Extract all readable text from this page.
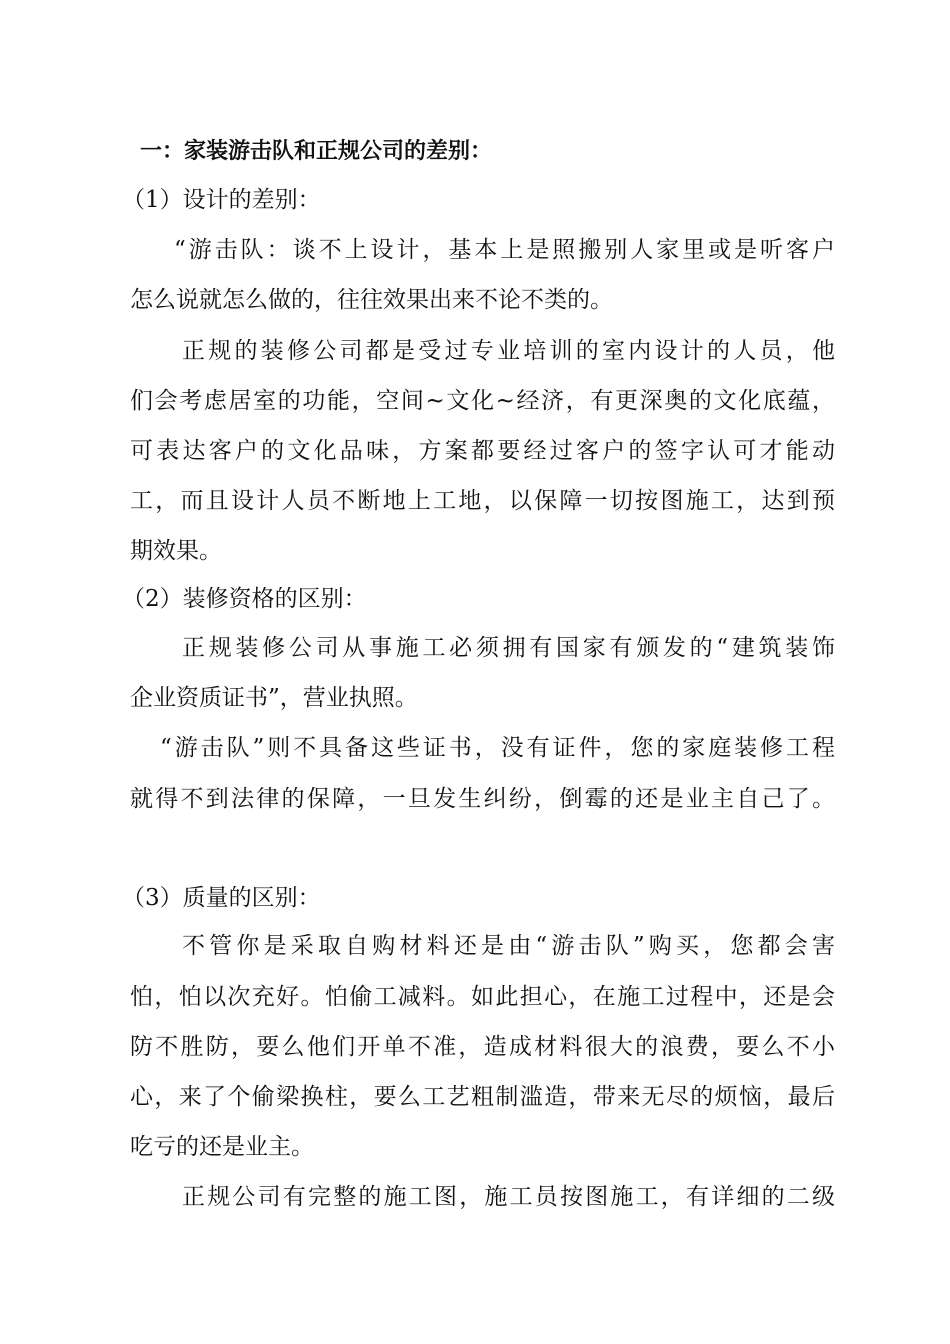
一：家装游击队和正规公司的差别：
（1）设计的差别：
“游击队：谈不上设计，基本上是照搬别人家里或是听客户
怎么说就怎么做的，往往效果出来不论不类的。
正规的装修公司都是受过专业培训的室内设计的人员，他
们会考虑居室的功能，空间~文化~经济，有更深奥的文化底蕴，
可表达客户的文化品味，方案都要经过客户的签字认可才能动
工，而且设计人员不断地上工地，以保障一切按图施工，达到预
期效果。
（2）装修资格的区别：
正规装修公司从事施工必须拥有国家有颁发的“建筑装饰
企业资质证书”，营业执照。
“游击队”则不具备这些证书，没有证件，您的家庭装修工程
就得不到法律的保障，一旦发生纠纷，倒霉的还是业主自己了。
（3）质量的区别：
不管你是采取自购材料还是由“游击队”购买，您都会害
怕，怕以次充好。怕偷工减料。如此担心，在施工过程中，还是会
防不胜防，要么他们开单不准，造成材料很大的浪费，要么不小
心，来了个偷梁换柱，要么工艺粗制滥造，带来无尽的烦恼，最后
吃亏的还是业主。
正规公司有完整的施工图，施工员按图施工，有详细的二级
